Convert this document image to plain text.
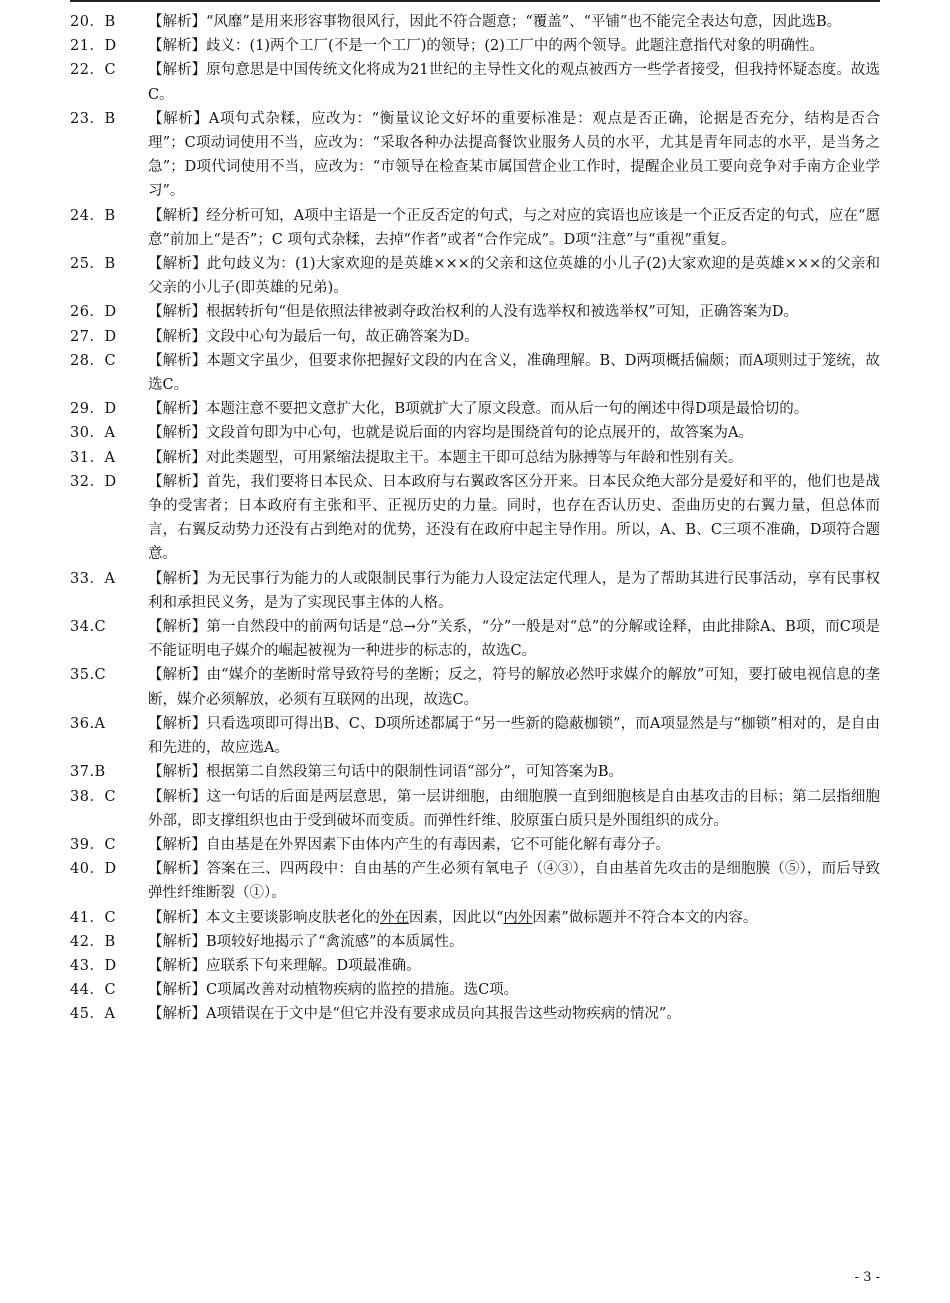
20．B	【解析】“风靡”是用来形容事物很风行，因此不符合题意；“覆盖”、“平铺”也不能完全表达句意，因此选B。
21．D	【解析】歧义：(1)两个工厂(不是一个工厂)的领导；(2)工厂中的两个领导。此题注意指代对象的明确性。
22．C	【解析】原句意思是中国传统文化将成为21世纪的主导性文化的观点被西方一些学者接受，但我持怀疑态度。故选C。
23．B	【解析】A项句式杂糅，应改为：“衡量议论文好坏的重要标准是：观点是否正确，论据是否充分，结构是否合理”；C项动词使用不当，应改为：“采取各种办法提高餐饮业服务人员的水平，尤其是青年同志的水平，是当务之急”；D项代词使用不当，应改为：“市领导在检查某市属国营企业工作时，提醒企业员工要向竞争对手南方企业学习”。
24．B	【解析】经分析可知，A项中主语是一个正反否定的句式，与之对应的宾语也应该是一个正反否定的句式，应在“愿意”前加上“是否”；C 项句式杂糅，去掉“作者”或者“合作完成”。D项“注意”与“重视”重复。
25．B	【解析】此句歧义为：(1)大家欢迎的是英雄×××的父亲和这位英雄的小儿子(2)大家欢迎的是英雄×××的父亲和父亲的小儿子(即英雄的兄弟)。
26．D	【解析】根据转折句“但是依照法律被剥夺政治权利的人没有选举权和被选举权”可知，正确答案为D。
27．D	【解析】文段中心句为最后一句，故正确答案为D。
28．C	【解析】本题文字虽少，但要求你把握好文段的内在含义，准确理解。B、D两项概括偏颇；而A项则过于笼统，故选C。
29．D	【解析】本题注意不要把文意扩大化，B项就扩大了原文段意。而从后一句的阐述中得D项是最恰切的。
30．A	【解析】文段首句即为中心句，也就是说后面的内容均是围绕首句的论点展开的，故答案为A。
31．A	【解析】对此类题型，可用紧缩法提取主干。本题主干即可总结为脉搏等与年龄和性别有关。
32．D	【解析】首先，我们要将日本民众、日本政府与右翼政客区分开来。日本民众绝大部分是爱好和平的，他们也是战争的受害者；日本政府有主张和平、正视历史的力量。同时，也存在否认历史、歪曲历史的右翼力量，但总体而言，右翼反动势力还没有占到绝对的优势，还没有在政府中起主导作用。所以，A、B、C三项不准确，D项符合题意。
33．A	【解析】为无民事行为能力的人或限制民事行为能力人设定法定代理人，是为了帮助其进行民事活动，享有民事权利和承担民义务，是为了实现民事主体的人格。
34.C	【解析】第一自然段中的前两句话是“总→分”关系，“分”一般是对“总”的分解或诠释，由此排除A、B项，而C项是不能证明电子媒介的崛起被视为一种进步的标志的，故选C。
35.C	【解析】由“媒介的垄断时常导致符号的垄断；反之，符号的解放必然吁求媒介的解放”可知，要打破电视信息的垄断，媒介必须解放，必须有互联网的出现，故选C。
36.A	【解析】只看选项即可得出B、C、D项所述都属于“另一些新的隐蔽枷锁”，而A项显然是与“枷锁”相对的，是自由和先进的，故应选A。
37.B	【解析】根据第二自然段第三句话中的限制性词语“部分”，可知答案为B。
38．C	【解析】这一句话的后面是两层意思，第一层讲细胞，由细胞膜一直到细胞核是自由基攻击的目标；第二层指细胞外部，即支撑组织也由于受到破坏而变质。而弹性纤维、胶原蛋白质只是外围组织的成分。
39．C	【解析】自由基是在外界因素下由体内产生的有毒因素，它不可能化解有毒分子。
40．D	【解析】答案在三、四两段中：自由基的产生必须有氧电子（④③），自由基首先攻击的是细胞膜（⑤），而后导致弹性纤维断裂（①）。
41．C	【解析】本文主要谈影响皮肤老化的外在因素，因此以“内外因素”做标题并不符合本文的内容。
42．B	【解析】B项较好地揭示了“禽流感”的本质属性。
43．D	【解析】应联系下句来理解。D项最准确。
44．C	【解析】C项属改善对动植物疾病的监控的措施。选C项。
45．A	【解析】A项错误在于文中是“但它并没有要求成员向其报告这些动物疾病的情况”。
- 3 -
